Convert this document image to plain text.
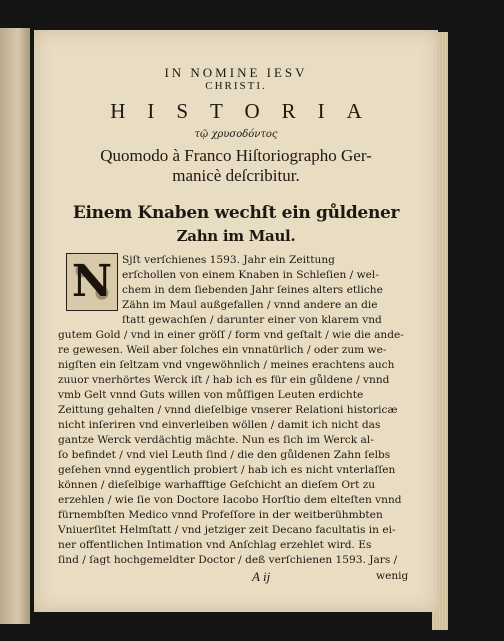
IN NOMINE IESV
CHRISTI.
HISTORIA
τῷ χρυσοδόντος
Quomodo à Franco Hiſtoriographo Ger-
manicè deſcribitur.
Einem Knaben wechſt ein gůldener
Zahn im Maul.
N Sjſt verſchienes 1593. Jahr ein Zeittung
erſchollen von einem Knaben in Schleſien / wel-
chem in dem ſiebenden Jahr ſeines alters etliche
Zähn im Maul außgefallen / vnnd andere an die
ſtatt gewachſen / darunter einer von klarem vnd
gutem Gold / vnd in einer gröſſ / form vnd geſtalt / wie die ande-
re gewesen. Weil aber ſolches ein vnnatürlich / oder zum we-
nigſten ein ſeltzam vnd vngewöhnlich / meines erachtens auch
zuuor vnerhörtes Werck iſt / hab ich es für ein gůldene / vnnd
vmb Gelt vnnd Guts willen von můſſigen Leuten erdichte
Zeittung gehalten / vnnd dieſelbige vnserer Relationi historicæ
nicht inſeriren vnd einverleiben wöllen / damit ich nicht das
gantze Werck verdächtig mächte. Nun es ſich im Werck al-
ſo befindet / vnd viel Leuth ſind / die den gůldenen Zahn ſelbs
geſehen vnnd eygentlich probiert / hab ich es nicht vnterlaſſen
können / dieſelbige warhafftige Geſchicht an dieſem Ort zu
erzehlen / wie ſie von Doctore Iacobo Horſtio dem elteſten vnnd
fürnembſten Medico vnnd Profeſſore in der weitberühmbten
Vniuerſitet Helmſtatt / vnd jetziger zeit Decano facultatis in ei-
ner offentlichen Intimation vnd Anſchlag erzehlet wird. Es
ſind / ſagt hochgemeldter Doctor / deß verſchienen 1593. Jars /
A ij	wenig
